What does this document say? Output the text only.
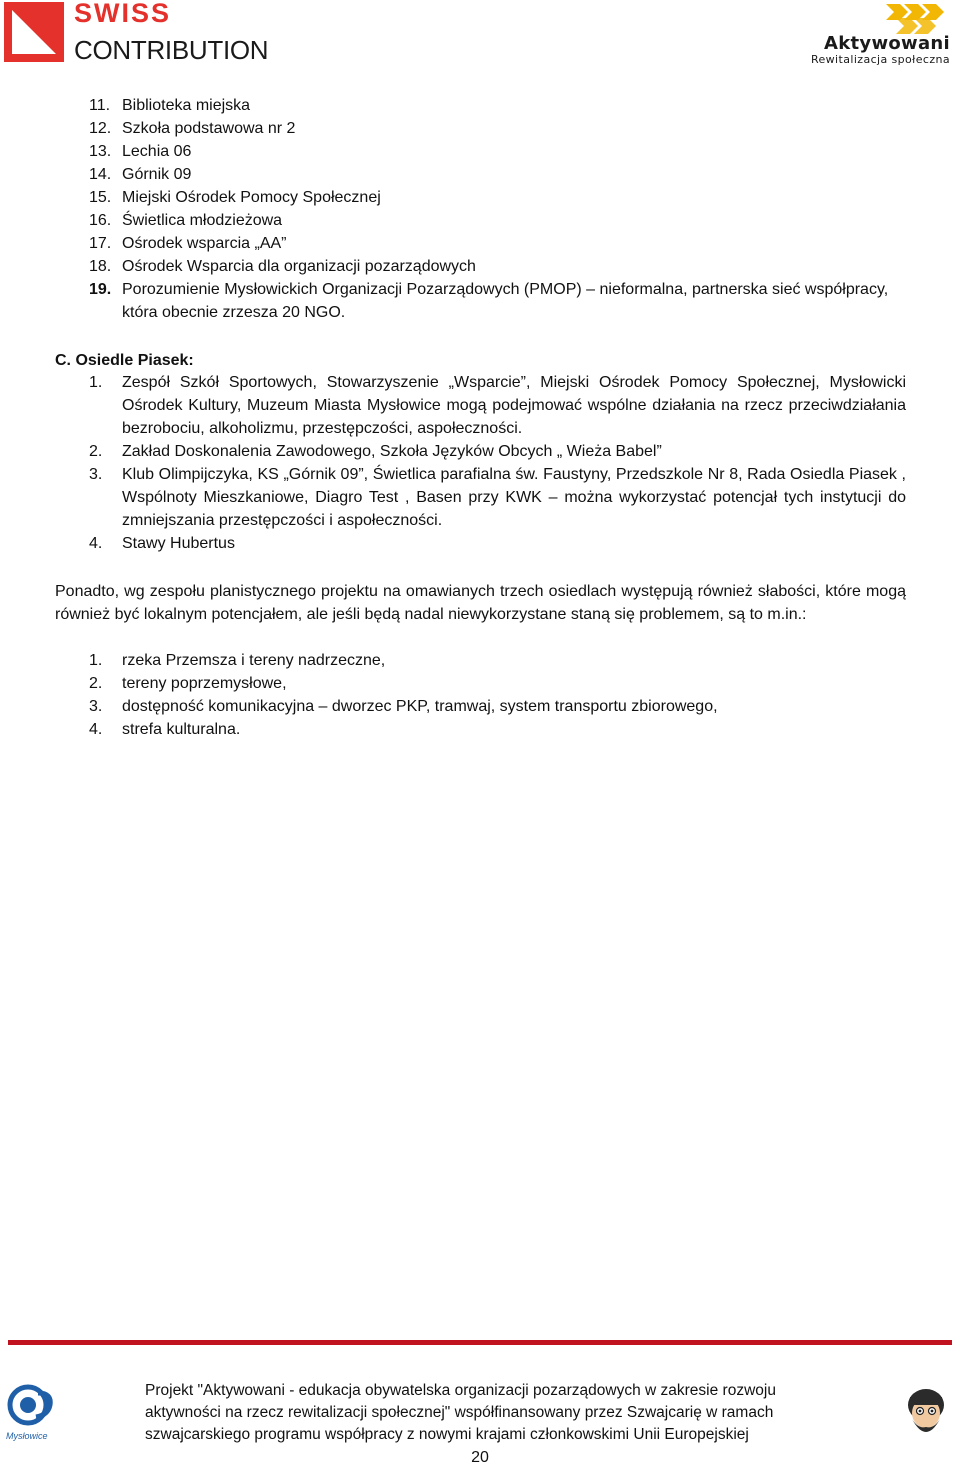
SWISS
CONTRIBUTION	Aktywowani
Rewitalizacja społeczna
11. Biblioteka miejska
12. Szkoła podstawowa nr 2
13. Lechia 06
14. Górnik 09
15. Miejski Ośrodek Pomocy Społecznej
16. Świetlica młodzieżowa
17. Ośrodek wsparcia „AA”
18. Ośrodek Wsparcia dla organizacji pozarządowych
19. Porozumienie Mysłowickich Organizacji Pozarządowych (PMOP) – nieformalna, partnerska sieć współpracy, która obecnie zrzesza 20 NGO.
C. Osiedle Piasek:
1. Zespół Szkół Sportowych, Stowarzyszenie „Wsparcie”, Miejski Ośrodek Pomocy Społecznej, Mysłowicki Ośrodek Kultury, Muzeum Miasta Mysłowice mogą podejmować wspólne działania na rzecz przeciwdziałania bezrobociu, alkoholizmu, przestępczości, aspołeczności.
2. Zakład Doskonalenia Zawodowego, Szkoła Języków Obcych „ Wieża Babel”
3. Klub Olimpijczyka, KS „Górnik 09”, Świetlica parafialna św. Faustyny, Przedszkole Nr 8, Rada Osiedla Piasek , Wspólnoty Mieszkaniowe, Diagro Test , Basen przy KWK – można wykorzystać potencjał tych instytucji do zmniejszania przestępczości i aspołeczności.
4. Stawy Hubertus
Ponadto, wg zespołu planistycznego projektu na omawianych trzech osiedlach występują również słabości, które mogą również być lokalnym potencjałem, ale jeśli będą nadal niewykorzystane staną się problemem, są to m.in.:
1. rzeka Przemsza i tereny nadrzeczne,
2. tereny poprzemysłowe,
3. dostępność komunikacyjna – dworzec PKP, tramwaj, system transportu zbiorowego,
4. strefa kulturalna.
Mysłowice
Projekt "Aktywowani - edukacja obywatelska organizacji pozarządowych w zakresie rozwoju
aktywności na rzecz rewitalizacji społecznej" współfinansowany przez Szwajcarię w ramach
szwajcarskiego programu współpracy z nowymi krajami członkowskimi Unii Europejskiej
20
